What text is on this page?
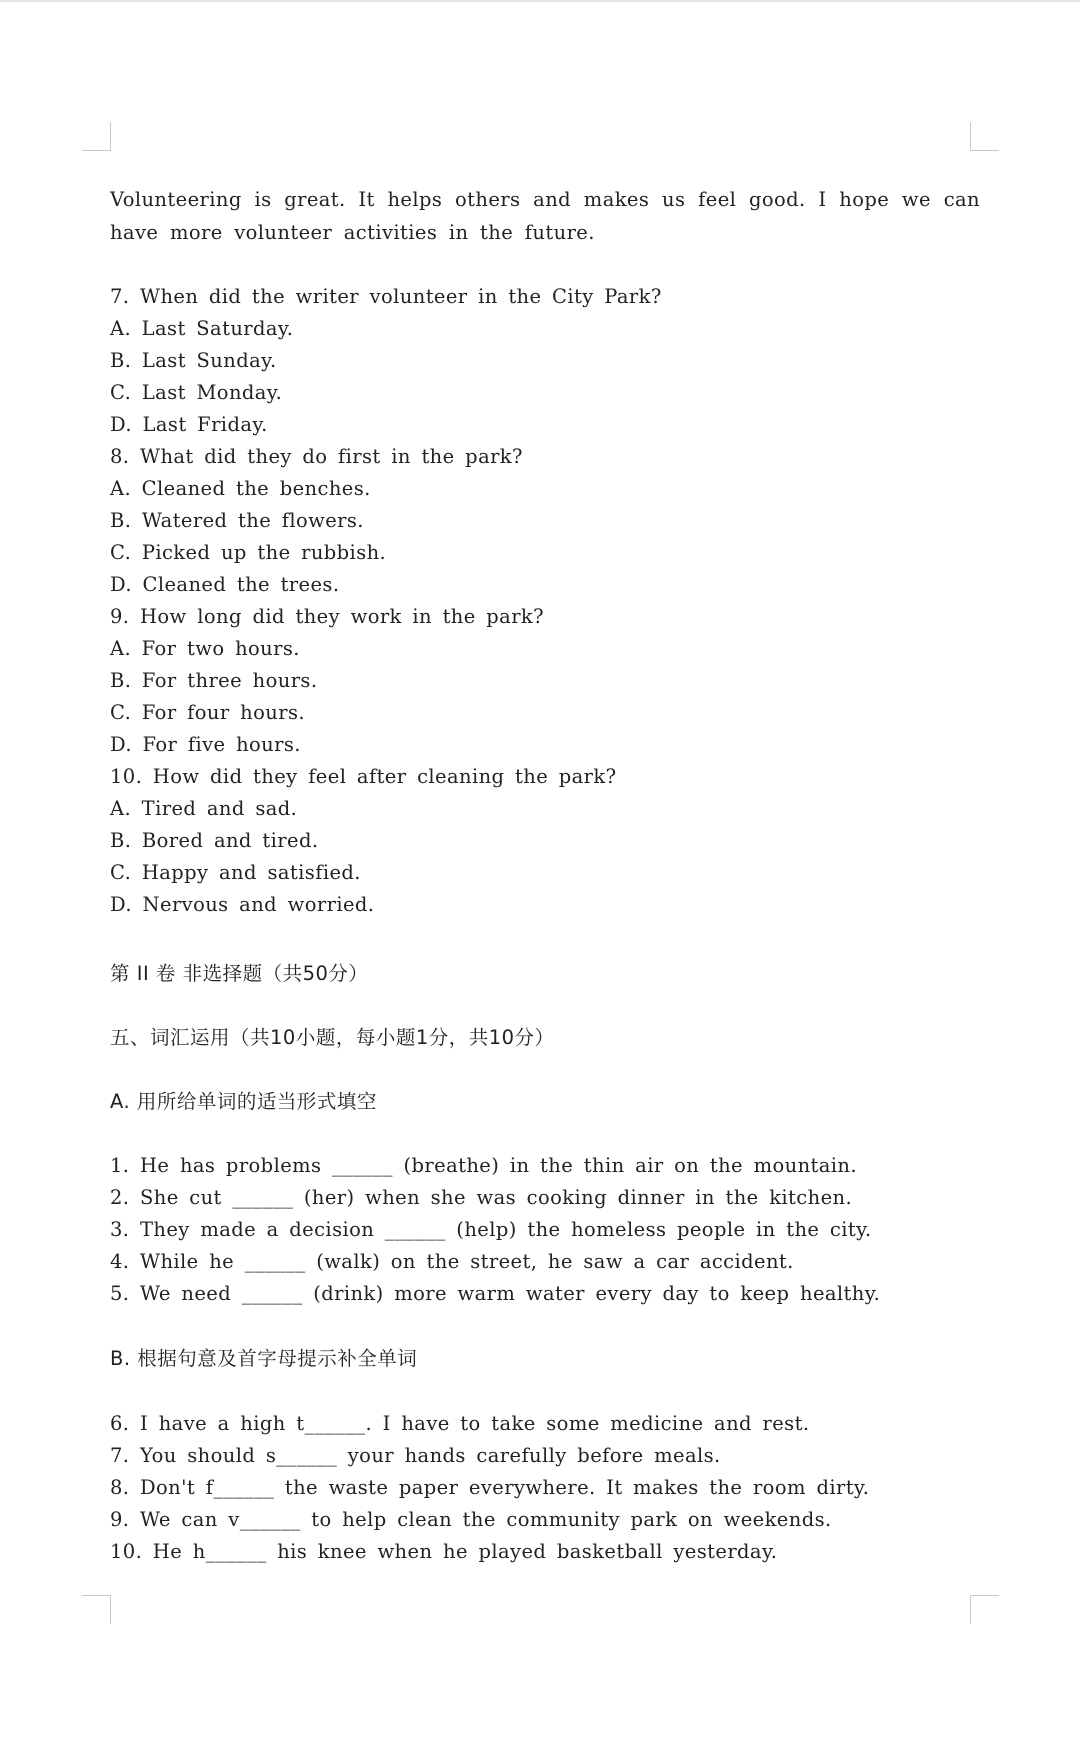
Volunteering is great. It helps others and makes us feel good. I hope we can have more volunteer activities in the future.
7. When did the writer volunteer in the City Park?
A. Last Saturday.
B. Last Sunday.
C. Last Monday.
D. Last Friday.
8. What did they do first in the park?
A. Cleaned the benches.
B. Watered the flowers.
C. Picked up the rubbish.
D. Cleaned the trees.
9. How long did they work in the park?
A. For two hours.
B. For three hours.
C. For four hours.
D. For five hours.
10. How did they feel after cleaning the park?
A. Tired and sad.
B. Bored and tired.
C. Happy and satisfied.
D. Nervous and worried.
第 II 卷 非选择题（共50分）
五、词汇运用（共10小题，每小题1分，共10分）
A. 用所给单词的适当形式填空
1. He has problems ______ (breathe) in the thin air on the mountain.
2. She cut ______ (her) when she was cooking dinner in the kitchen.
3. They made a decision ______ (help) the homeless people in the city.
4. While he ______ (walk) on the street, he saw a car accident.
5. We need ______ (drink) more warm water every day to keep healthy.
B. 根据句意及首字母提示补全单词
6. I have a high t______. I have to take some medicine and rest.
7. You should s______ your hands carefully before meals.
8. Don't f______ the waste paper everywhere. It makes the room dirty.
9. We can v______ to help clean the community park on weekends.
10. He h______ his knee when he played basketball yesterday.
